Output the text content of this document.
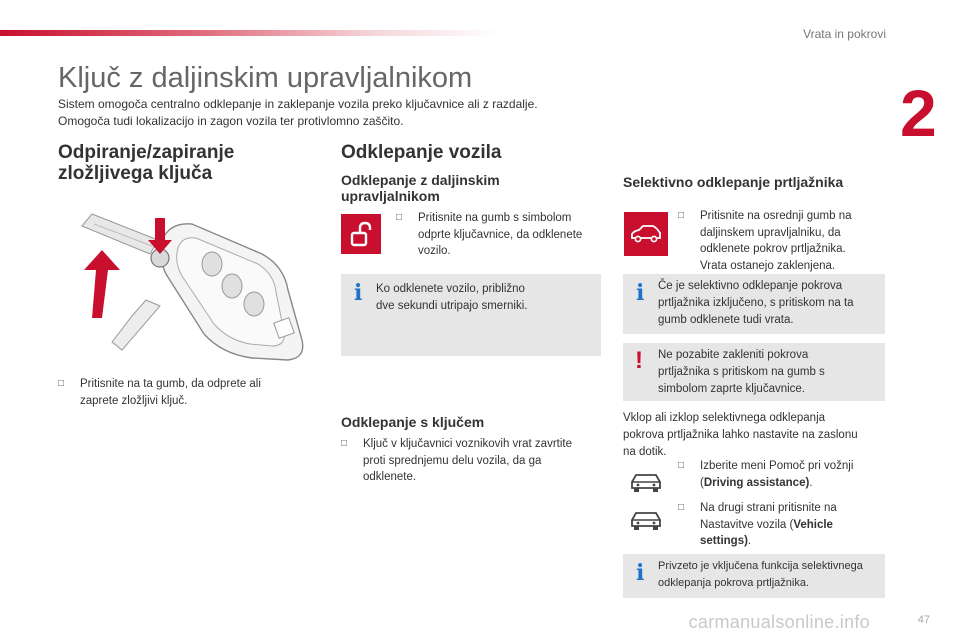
Vrata in pokrovi
2
Ključ z daljinskim upravljalnikom
Sistem omogoča centralno odklepanje in zaklepanje vozila preko ključavnice ali z razdalje.
Omogoča tudi lokalizacijo in zagon vozila ter protivlomno zaščito.
Odpiranje/zapiranje
zložljivega ključa
□	Pritisnite na ta gumb, da odprete ali
zaprete zložljivi ključ.
Odklepanje vozila
Odklepanje z daljinskim
upravljalnikom
□	Pritisnite na gumb s simbolom
odprte ključavnice, da odklenete
vozilo.
i Ko odklenete vozilo, približno
dve sekundi utripajo smerniki.
Odklepanje s ključem
□	Ključ v ključavnici voznikovih vrat zavrtite
proti sprednjemu delu vozila, da ga
odklenete.
Selektivno odklepanje prtljažnika
□	Pritisnite na osrednji gumb na
daljinskem upravljalniku, da
odklenete pokrov prtljažnika.
Vrata ostanejo zaklenjena.
i Če je selektivno odklepanje pokrova
prtljažnika izključeno, s pritiskom na ta
gumb odklenete tudi vrata.
! Ne pozabite zakleniti pokrova
prtljažnika s pritiskom na gumb s
simbolom zaprte ključavnice.
Vklop ali izklop selektivnega odklepanja
pokrova prtljažnika lahko nastavite na zaslonu
na dotik.
□	Izberite meni Pomoč pri vožnji
(Driving assistance).
□	Na drugi strani pritisnite na
Nastavitve vozila (Vehicle
settings).
i Privzeto je vključena funkcija selektivnega
odklepanja pokrova prtljažnika.
carmanualsonline.info	47
